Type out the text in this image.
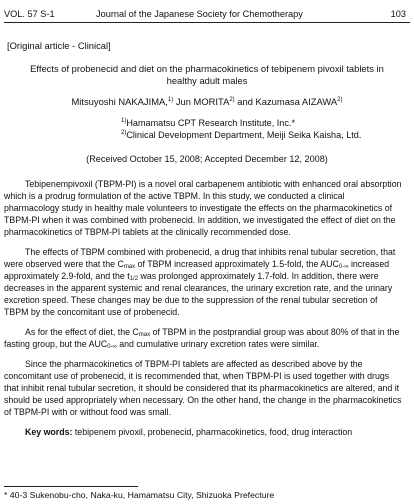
VOL. 57 S-1	Journal of the Japanese Society for Chemotherapy	103
[Original article - Clinical]
Effects of probenecid and diet on the pharmacokinetics of tebipenem pivoxil tablets in healthy adult males
Mitsuyoshi NAKAJIMA,$^{1)}$ Jun MORITA$^{2)}$ and Kazumasa AIZAWA$^{2)}$
$^{1)}$Hamamatsu CPT Research Institute, Inc.*
$^{2)}$Clinical Development Department, Meiji Seika Kaisha, Ltd.
(Received October 15, 2008; Accepted December 12, 2008)

Tebipenempivoxil (TBPM-PI) is a novel oral carbapenem antibiotic with enhanced oral absorption which is a prodrug formulation of the active TBPM. In this study, we conducted a clinical pharmacology study in healthy male volunteers to investigate the effects on the pharmacokinetics of TBPM-PI when it was combined with probenecid. In addition, we investigated the effect of diet on the pharmacokinetics of TBPM-PI tablets at the clinically recommended dose.

The effects of TBPM combined with probenecid, a drug that inhibits renal tubular secretion, that were observed were that the $C_{max}$ of TBPM increased approximately 1.5-fold, the $AUC_{0-\infty}$ increased approximately 2.9-fold, and the $t_{1/2}$ was prolonged approximately 1.7-fold. In addition, there were decreases in the apparent systemic and renal clearances, the urinary excretion rate, and the urinary excretion speed. These changes may be due to the suppression of the renal tubular secretion of TBPM by the concomitant use of probenecid.

As for the effect of diet, the $C_{max}$ of TBPM in the postprandial group was about 80% of that in the fasting group, but the $AUC_{0-\infty}$ and cumulative urinary excretion rates were similar.

Since the pharmacokinetics of TBPM-PI tablets are affected as described above by the concomitant use of probenecid, it is recommended that, when TBPM-PI is used together with drugs that inhibit renal tubular secretion, it should be considered that its pharmacokinetics are altered, and it should be used appropriately when necessary. On the other hand, the change in the pharmacokinetics of TBPM-PI with or without food was small.

Key words: tebipenem pivoxil, probenecid, pharmacokinetics, food, drug interaction

* 40-3 Sukenobu-cho, Naka-ku, Hamamatsu City, Shizuoka Prefecture
